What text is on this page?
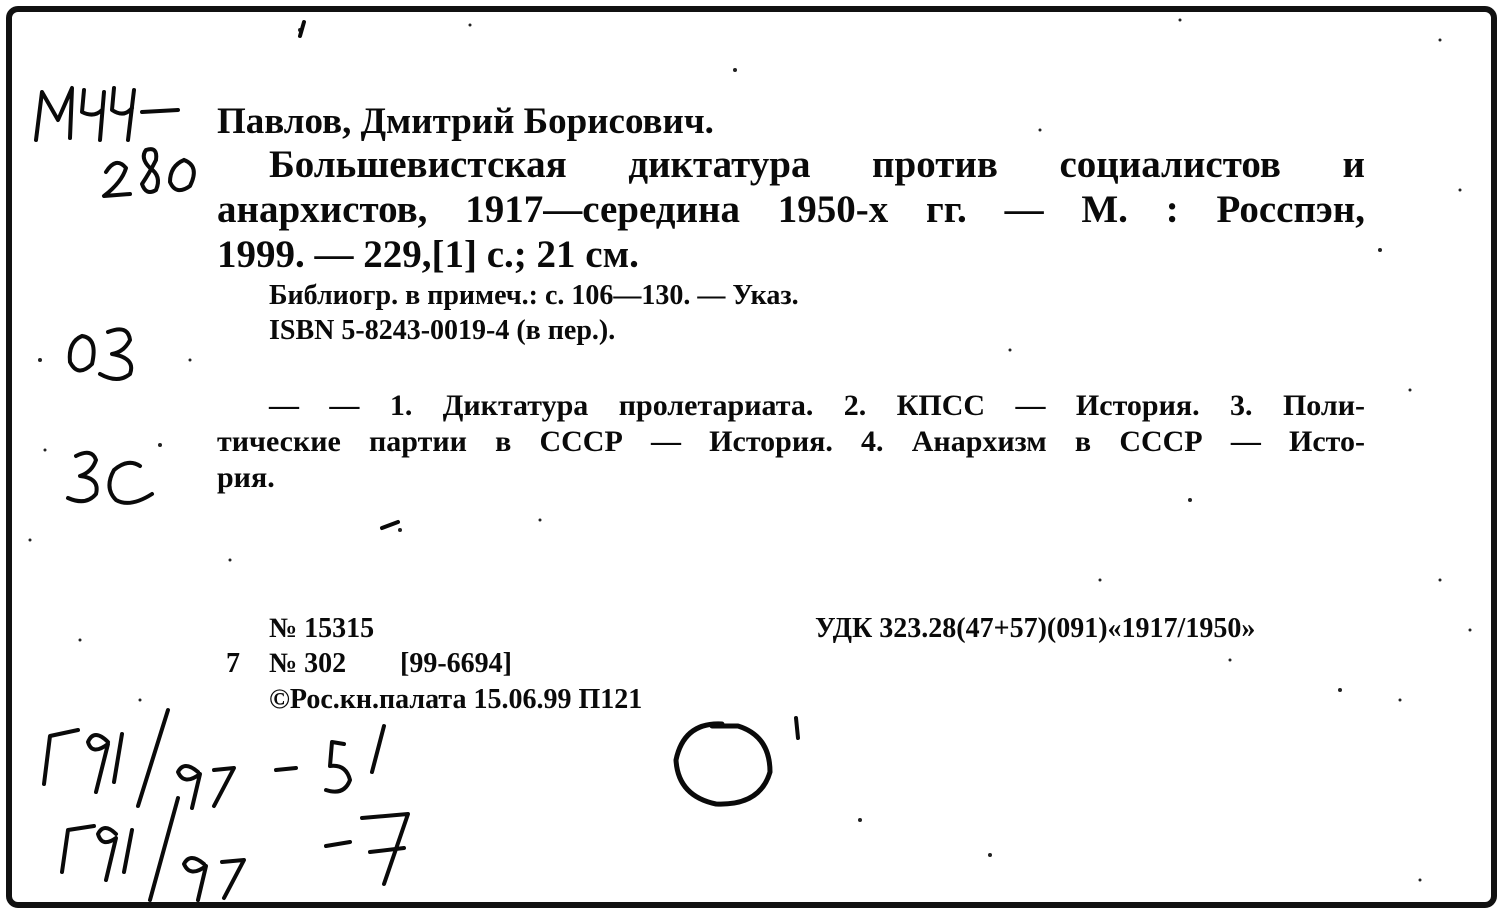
Павлов, Дмитрий Борисович.
Большевистская диктатура против социалистов и
анархистов, 1917—середина 1950-х гг. — М. : Росспэн,
1999. — 229,[1] с.; 21 см.
Библиогр. в примеч.: с. 106—130. — Указ.
ISBN 5-8243-0019-4 (в пер.).
— — 1. Диктатура пролетариата. 2. КПСС — История. 3. Поли-
тические партии в СССР — История. 4. Анархизм в СССР — Исто-
рия.
№ 15315	УДК 323.28(47+57)(091)«1917/1950»
7 № 302 [99-6694]
©Рос.кн.палата 15.06.99 П121
